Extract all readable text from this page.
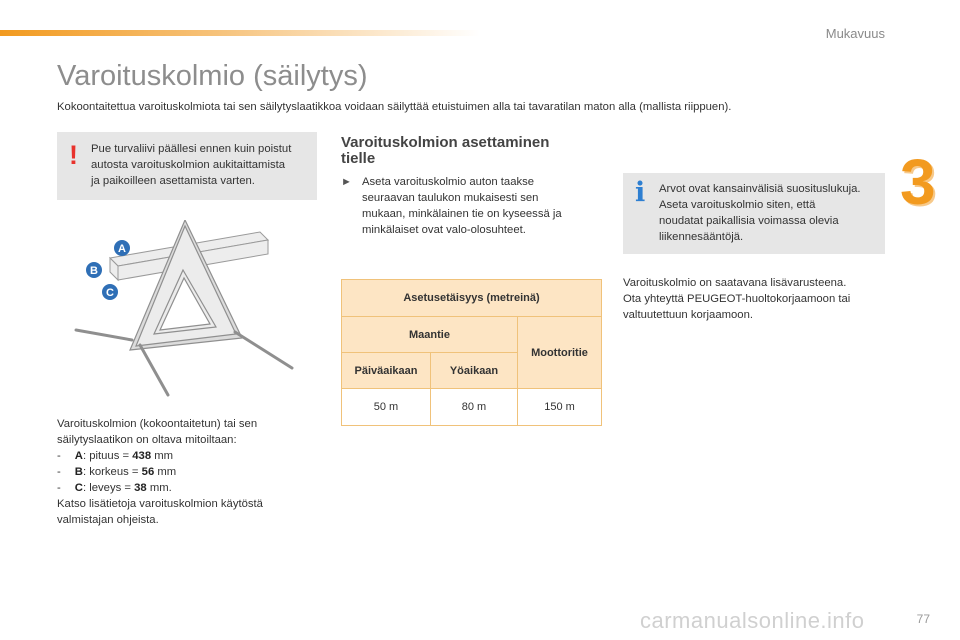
Mukavuus
3
Varoituskolmio (säilytys)
Kokoontaitettua varoituskolmiota tai sen säilytyslaatikkoa voidaan säilyttää etuistuimen alla tai tavaratilan maton alla (mallista riippuen).
! Pue turvaliivi päällesi ennen kuin poistut
autosta varoituskolmion aukitaittamista
ja paikoilleen asettamista varten.
A
B
C
Varoituskolmion (kokoontaitetun) tai sen
säilytyslaatikon on oltava mitoiltaan:
- A: pituus = 438 mm
- B: korkeus = 56 mm
- C: leveys = 38 mm.
Katso lisätietoja varoituskolmion käytöstä
valmistajan ohjeista.
Varoituskolmion asettaminen
tielle
► Aseta varoituskolmio auton taakse
seuraavan taulukon mukaisesti sen
mukaan, minkälainen tie on kyseessä ja
minkälaiset ovat valo-olosuhteet.
Asetusetäisyys (metreinä)		
Maantie		Moottoritie
Päiväaikaan	Yöaikaan	
50 m	80 m	150 m
i Arvot ovat kansainvälisiä suosituslukuja.
Aseta varoituskolmio siten, että
noudatat paikallisia voimassa olevia
liikennesääntöjä.
Varoituskolmio on saatavana lisävarusteena.
Ota yhteyttä PEUGEOT-huoltokorjaamoon tai
valtuutettuun korjaamoon.
carmanualsonline.info	77
